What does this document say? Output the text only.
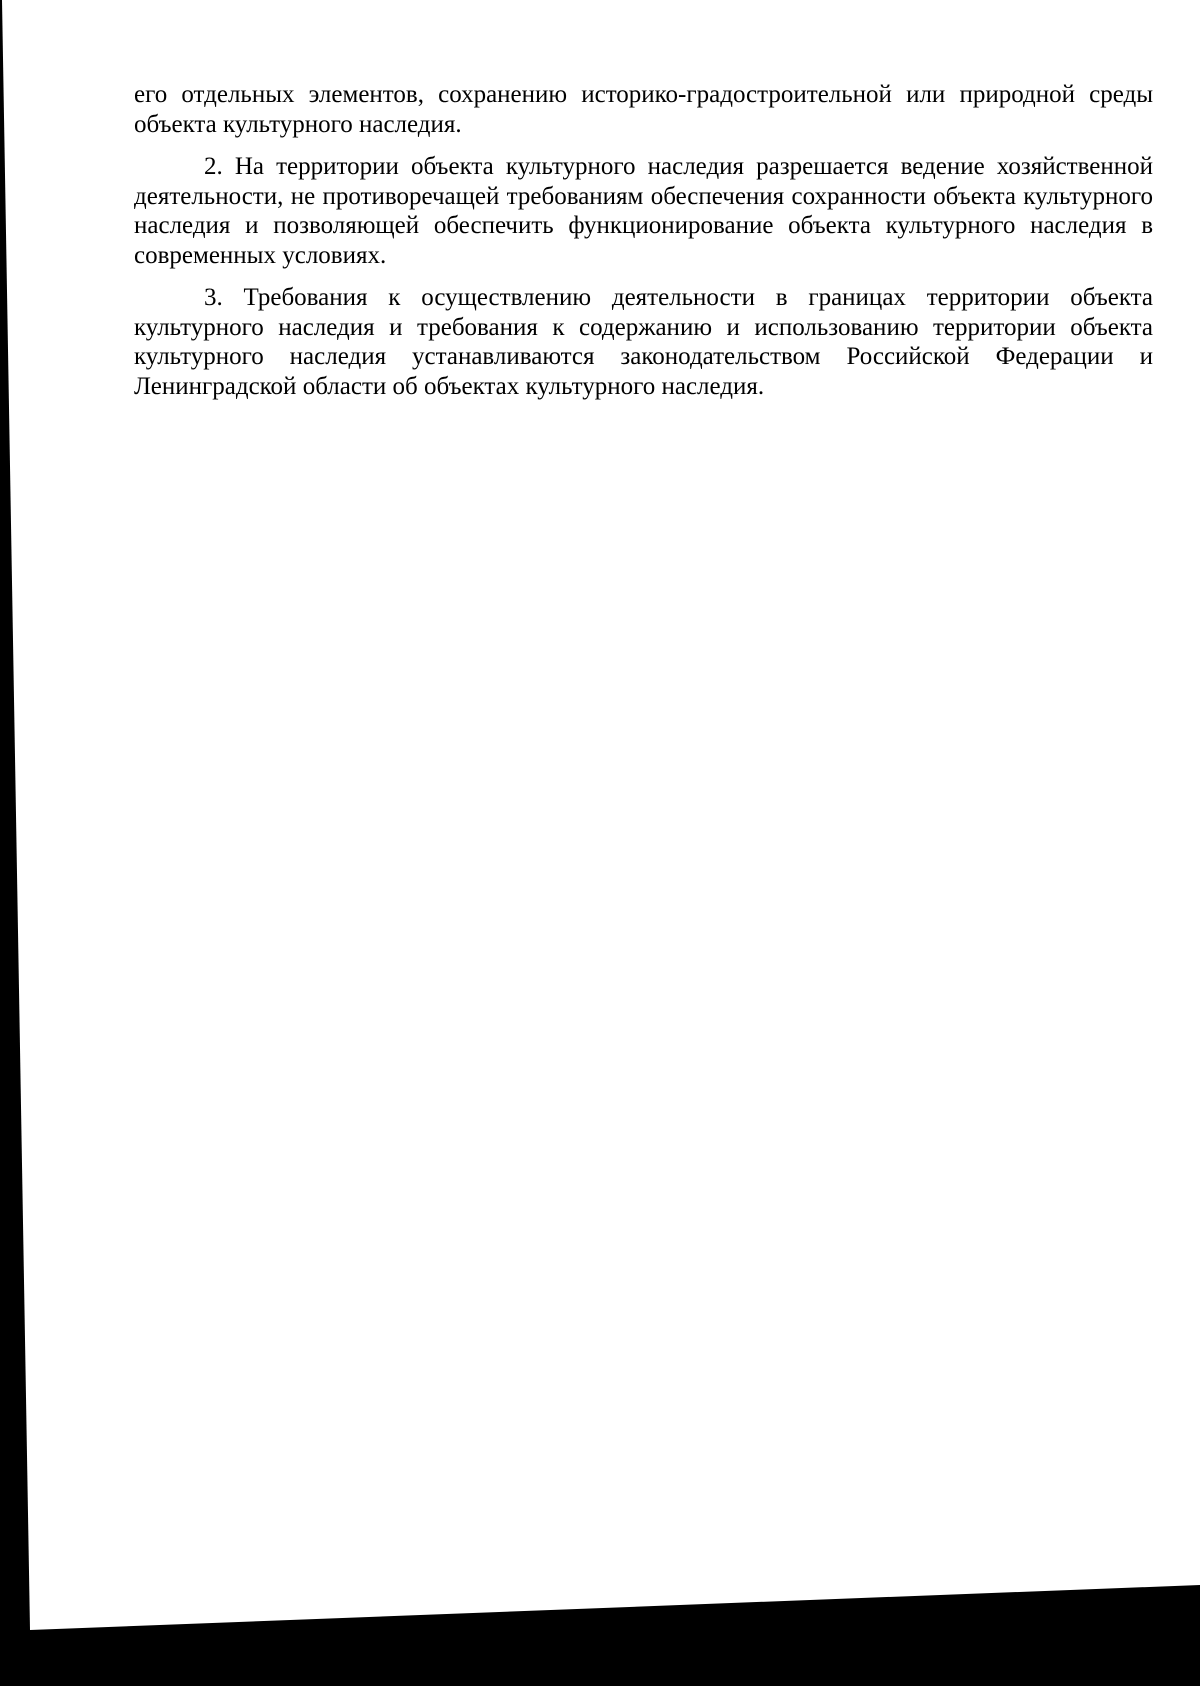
его отдельных элементов, сохранению историко-градостроительной или природной среды объекта культурного наследия.

2. На территории объекта культурного наследия разрешается ведение хозяйственной деятельности, не противоречащей требованиям обеспечения сохранности объекта культурного наследия и позволяющей обеспечить функционирование объекта культурного наследия в современных условиях.

3. Требования к осуществлению деятельности в границах территории объекта культурного наследия и требования к содержанию и использованию территории объекта культурного наследия устанавливаются законодательством Российской Федерации и Ленинградской области об объектах культурного наследия.
